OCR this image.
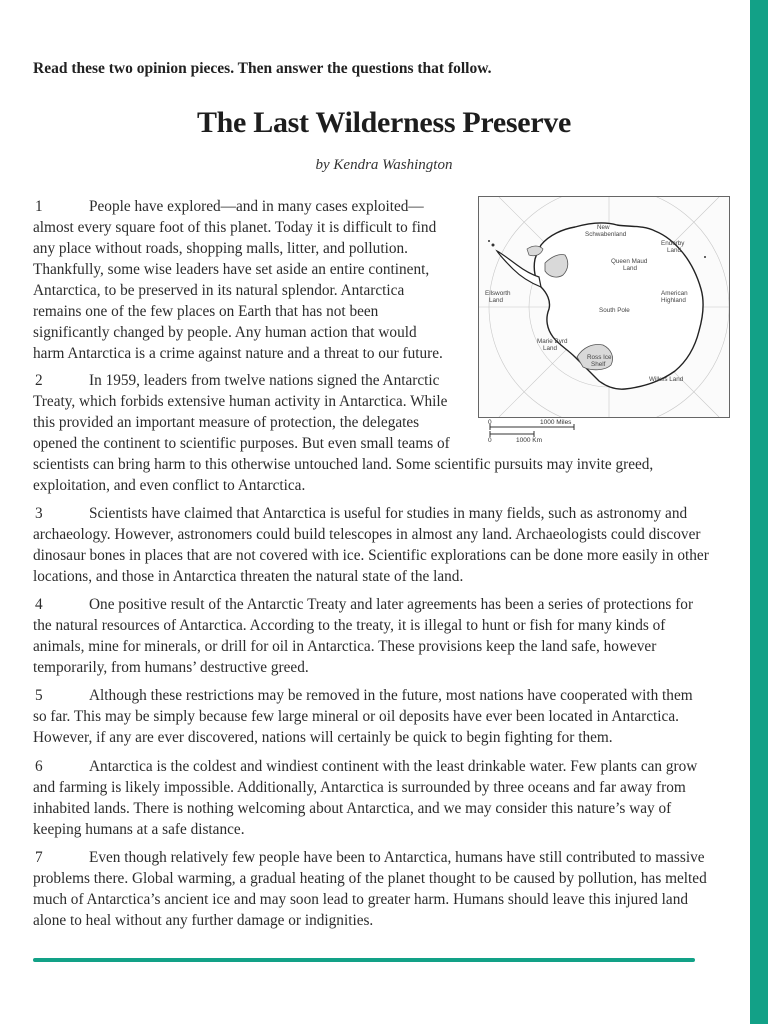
Read these two opinion pieces. Then answer the questions that follow.
The Last Wilderness Preserve
by Kendra Washington
1	People have explored—and in many cases exploited—
almost every square foot of this planet. Today it is difficult to find
any place without roads, shopping malls, litter, and pollution.
Thankfully, some wise leaders have set aside an entire continent,
Antarctica, to be preserved in its natural splendor. Antarctica
remains one of the few places on Earth that has not been
significantly changed by people. Any human action that would
harm Antarctica is a crime against nature and a threat to our future.
2	In 1959, leaders from twelve nations signed the Antarctic
Treaty, which forbids extensive human activity in Antarctica. While
this provided an important measure of protection, the delegates
opened the continent to scientific purposes. But even small teams of
scientists can bring harm to this otherwise untouched land. Some scientific pursuits may invite greed,
exploitation, and even conflict to Antarctica.
3	Scientists have claimed that Antarctica is useful for studies in many fields, such as astronomy and
archaeology. However, astronomers could build telescopes in almost any land. Archaeologists could discover
dinosaur bones in places that are not covered with ice. Scientific explorations can be done more easily in other
locations, and those in Antarctica threaten the natural state of the land.
4	One positive result of the Antarctic Treaty and later agreements has been a series of protections for
the natural resources of Antarctica. According to the treaty, it is illegal to hunt or fish for many kinds of
animals, mine for minerals, or drill for oil in Antarctica. These provisions keep the land safe, however
temporarily, from humans’ destructive greed.
5	Although these restrictions may be removed in the future, most nations have cooperated with them
so far. This may be simply because few large mineral or oil deposits have ever been located in Antarctica.
However, if any are ever discovered, nations will certainly be quick to begin fighting for them.
6	Antarctica is the coldest and windiest continent with the least drinkable water. Few plants can grow
and farming is likely impossible. Additionally, Antarctica is surrounded by three oceans and far away from
inhabited lands. There is nothing welcoming about Antarctica, and we may consider this nature’s way of
keeping humans at a safe distance.
7	Even though relatively few people have been to Antarctica, humans have still contributed to massive
problems there. Global warming, a gradual heating of the planet thought to be caused by pollution, has melted
much of Antarctica’s ancient ice and may soon lead to greater harm. Humans should leave this injured land
alone to heal without any further damage or indignities.
New
Schwabenland
Enderby
Land
Queen Maud
Land
American
Highland
South Pole
Marie Byrd
Land
Ross Ice
Shelf
Wilkes Land
Ellsworth
Land
0	1000 Miles
0	1000 Km
